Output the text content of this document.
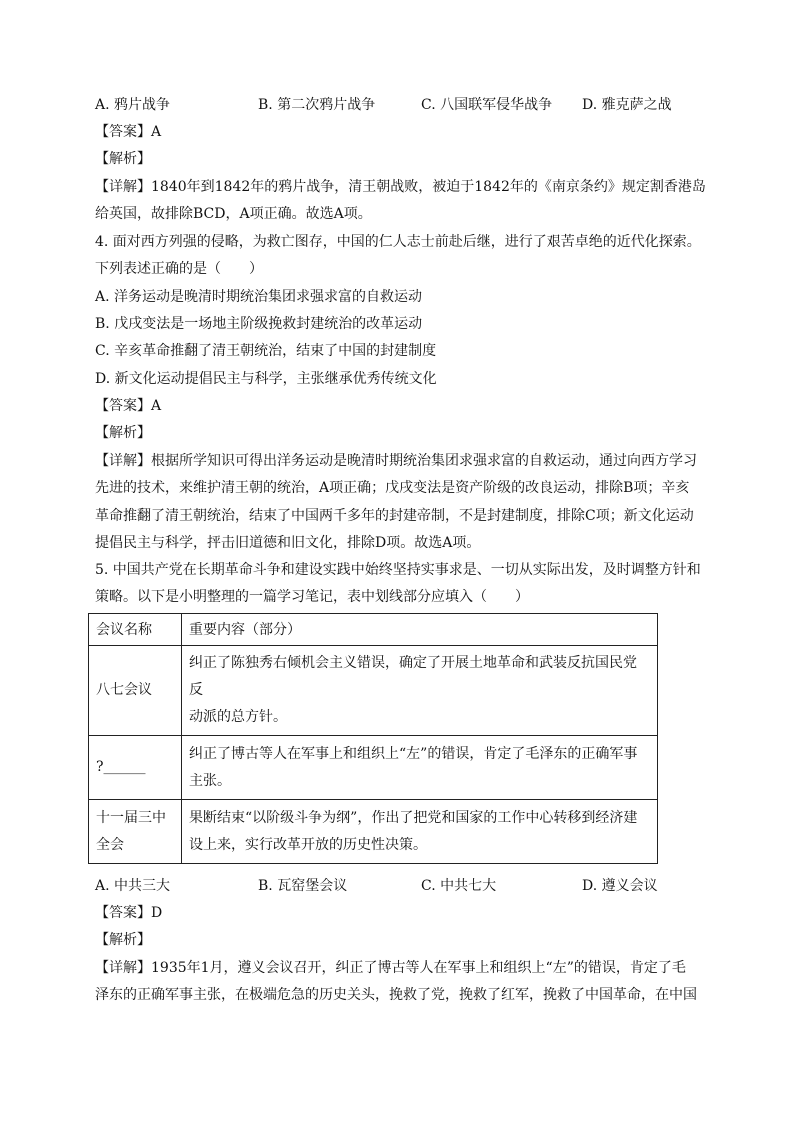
A. 鸦片战争	B. 第二次鸦片战争	C. 八国联军侵华战争 D. 雅克萨之战
【答案】A
【解析】
【详解】1840年到1842年的鸦片战争，清王朝战败，被迫于1842年的《南京条约》规定割香港岛
给英国，故排除BCD，A项正确。故选A项。
4. 面对西方列强的侵略，为救亡图存，中国的仁人志士前赴后继，进行了艰苦卓绝的近代化探索。
下列表述正确的是（　　）
A. 洋务运动是晚清时期统治集团求强求富的自救运动
B. 戊戌变法是一场地主阶级挽救封建统治的改革运动
C. 辛亥革命推翻了清王朝统治，结束了中国的封建制度
D. 新文化运动提倡民主与科学，主张继承优秀传统文化
【答案】A
【解析】
【详解】根据所学知识可得出洋务运动是晚清时期统治集团求强求富的自救运动，通过向西方学习
先进的技术，来维护清王朝的统治，A项正确；戊戌变法是资产阶级的改良运动，排除B项；辛亥
革命推翻了清王朝统治，结束了中国两千多年的封建帝制，不是封建制度，排除C项；新文化运动
提倡民主与科学，抨击旧道德和旧文化，排除D项。故选A项。
5. 中国共产党在长期革命斗争和建设实践中始终坚持实事求是、一切从实际出发，及时调整方针和
策略。以下是小明整理的一篇学习笔记，表中划线部分应填入（　　）
会议名称	重要内容（部分）
八七会议	纠正了陈独秀右倾机会主义错误，确定了开展土地革命和武装反抗国民党反
动派的总方针。
?______	纠正了博古等人在军事上和组织上“左”的错误，肯定了毛泽东的正确军事
主张。
十一届三中
全会	果断结束“以阶级斗争为纲”，作出了把党和国家的工作中心转移到经济建
设上来，实行改革开放的历史性决策。
A. 中共三大	B. 瓦窑堡会议	C. 中共七大	D. 遵义会议
【答案】D
【解析】
【详解】1935年1月，遵义会议召开，纠正了博古等人在军事上和组织上“左”的错误，肯定了毛
泽东的正确军事主张，在极端危急的历史关头，挽救了党，挽救了红军，挽救了中国革命，在中国
